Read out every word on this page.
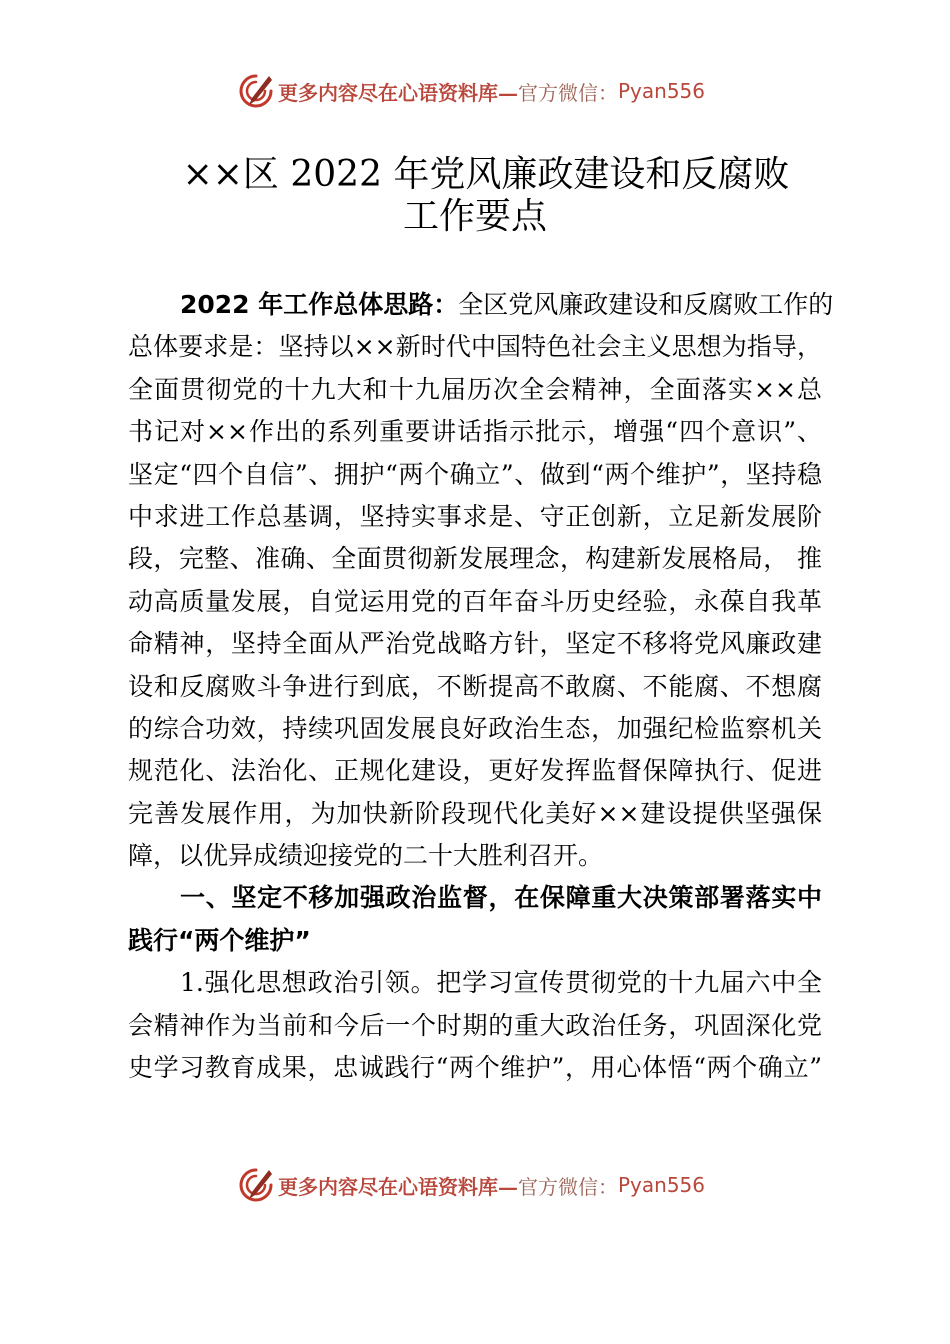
更多内容尽在心语资料库— 官方微信： Pyan556
××区 2022 年党风廉政建设和反腐败
工作要点
2022 年工作总体思路：全区党风廉政建设和反腐败工作的
总体要求是：坚持以××新时代中国特色社会主义思想为指导，
全面贯彻党的十九大和十九届历次全会精神，全面落实××总
书记对××作出的系列重要讲话指示批示，增强“四个意识”、
坚定“四个自信”、拥护“两个确立”、做到“两个维护”，坚持稳
中求进工作总基调，坚持实事求是、守正创新，立足新发展阶
段，完整、准确、全面贯彻新发展理念，构建新发展格局， 推
动高质量发展，自觉运用党的百年奋斗历史经验，永葆自我革
命精神，坚持全面从严治党战略方针，坚定不移将党风廉政建
设和反腐败斗争进行到底，不断提高不敢腐、不能腐、不想腐
的综合功效，持续巩固发展良好政治生态，加强纪检监察机关
规范化、法治化、正规化建设，更好发挥监督保障执行、促进
完善发展作用，为加快新阶段现代化美好××建设提供坚强保
障，以优异成绩迎接党的二十大胜利召开。
一、坚定不移加强政治监督，在保障重大决策部署落实中
践行“两个维护”
1.强化思想政治引领。把学习宣传贯彻党的十九届六中全
会精神作为当前和今后一个时期的重大政治任务，巩固深化党
史学习教育成果，忠诚践行“两个维护”，用心体悟“两个确立”
更多内容尽在心语资料库— 官方微信： Pyan556
